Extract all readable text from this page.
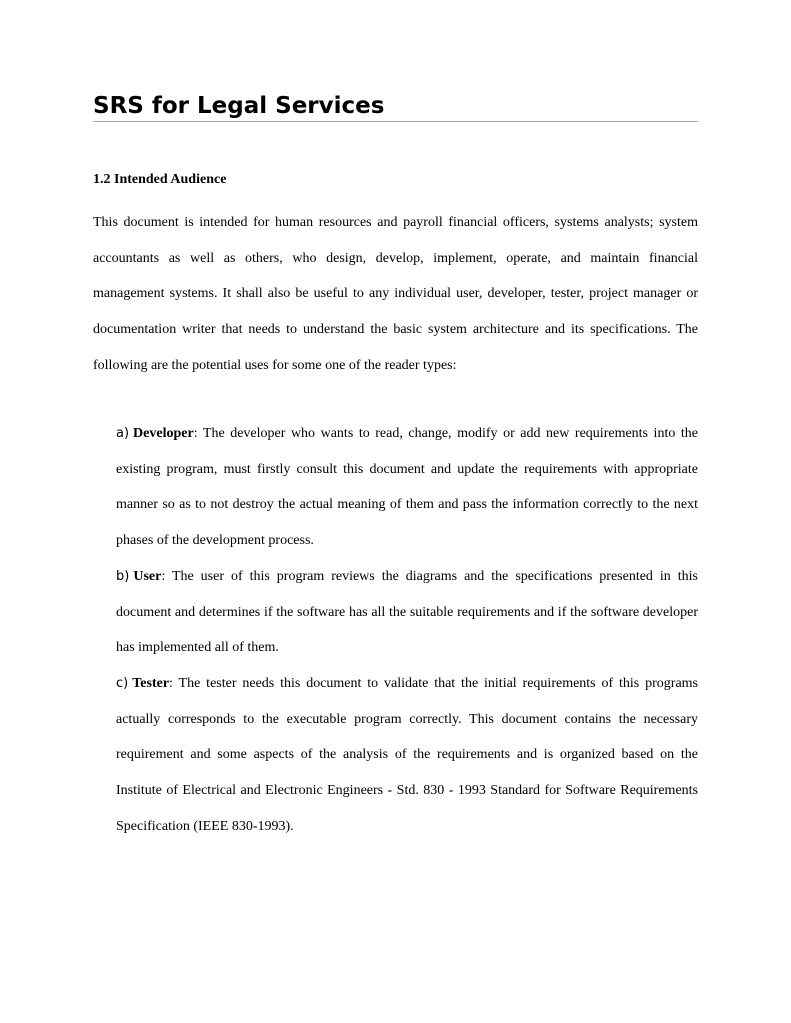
SRS for Legal Services
1.2 Intended Audience

This document is intended for human resources and payroll financial officers, systems analysts; system accountants as well as others, who design, develop, implement, operate, and maintain financial management systems. It shall also be useful to any individual user, developer, tester, project manager or documentation writer that needs to understand the basic system architecture and its specifications. The following are the potential uses for some one of the reader types:

a) Developer: The developer who wants to read, change, modify or add new requirements into the existing program, must firstly consult this document and update the requirements with appropriate manner so as to not destroy the actual meaning of them and pass the information correctly to the next phases of the development process.
b) User: The user of this program reviews the diagrams and the specifications presented in this document and determines if the software has all the suitable requirements and if the software developer has implemented all of them.
c) Tester: The tester needs this document to validate that the initial requirements of this programs actually corresponds to the executable program correctly. This document contains the necessary requirement and some aspects of the analysis of the requirements and is organized based on the Institute of Electrical and Electronic Engineers - Std. 830 - 1993 Standard for Software Requirements Specification (IEEE 830-1993).
